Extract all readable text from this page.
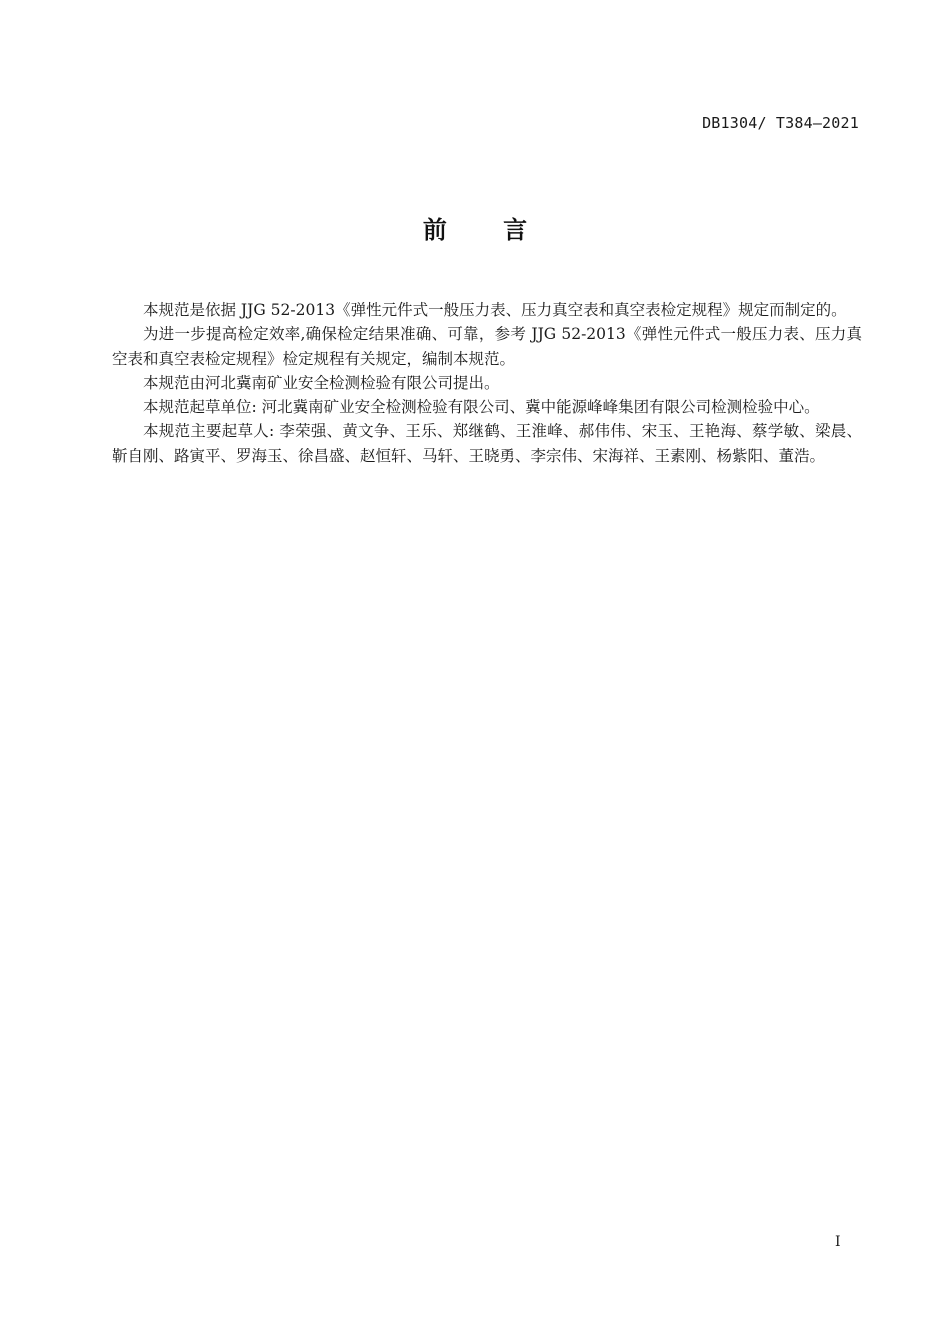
DB1304/ T384—2021
前 言

本规范是依据 JJG 52-2013《弹性元件式一般压力表、压力真空表和真空表检定规程》规定而制定的。

为进一步提高检定效率,确保检定结果准确、可靠，参考 JJG 52-2013《弹性元件式一般压力表、压力真空表和真空表检定规程》检定规程有关规定，编制本规范。

本规范由河北冀南矿业安全检测检验有限公司提出。

本规范起草单位: 河北冀南矿业安全检测检验有限公司、冀中能源峰峰集团有限公司检测检验中心。

本规范主要起草人: 李荣强、黄文争、王乐、郑继鹤、王淮峰、郝伟伟、宋玉、王艳海、蔡学敏、梁晨、靳自刚、路寅平、罗海玉、徐昌盛、赵恒轩、马轩、王晓勇、李宗伟、宋海祥、王素刚、杨紫阳、董浩。

I
